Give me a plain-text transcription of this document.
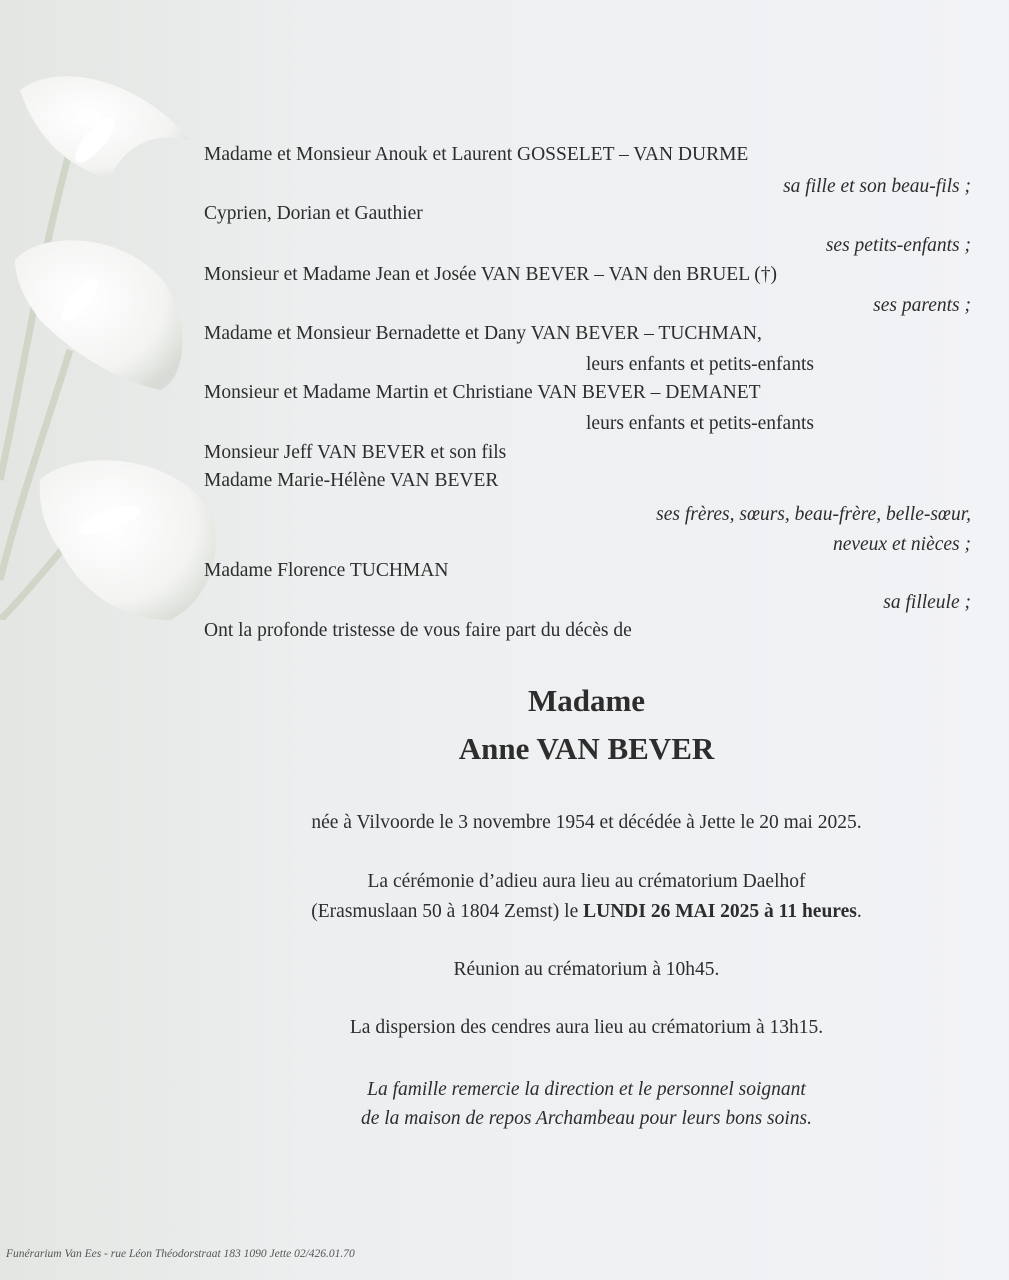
Madame et Monsieur Anouk et Laurent GOSSELET – VAN DURME
sa fille et son beau-fils ;
Cyprien, Dorian et Gauthier
ses petits-enfants ;
Monsieur et Madame Jean et Josée VAN BEVER – VAN den BRUEL (†)
ses parents ;
Madame et Monsieur Bernadette et Dany VAN BEVER – TUCHMAN,
leurs enfants et petits-enfants
Monsieur et Madame Martin et Christiane VAN BEVER – DEMANET
leurs enfants et petits-enfants
Monsieur Jeff VAN BEVER et son fils
Madame Marie-Hélène VAN BEVER
ses frères, sœurs, beau-frère, belle-sœur,
neveux et nièces ;
Madame Florence TUCHMAN
sa filleule ;
Ont la profonde tristesse de vous faire part du décès de
Madame
Anne VAN BEVER
née à Vilvoorde le 3 novembre 1954 et décédée à Jette le 20 mai 2025.
La cérémonie d’adieu aura lieu au crématorium Daelhof
(Erasmuslaan 50 à 1804 Zemst) le LUNDI 26 MAI 2025 à 11 heures.
Réunion au crématorium à 10h45.
La dispersion des cendres aura lieu au crématorium à 13h15.
La famille remercie la direction et le personnel soignant
de la maison de repos Archambeau pour leurs bons soins.
Funérarium Van Ees - rue Léon Théodorstraat 183 1090 Jette 02/426.01.70
